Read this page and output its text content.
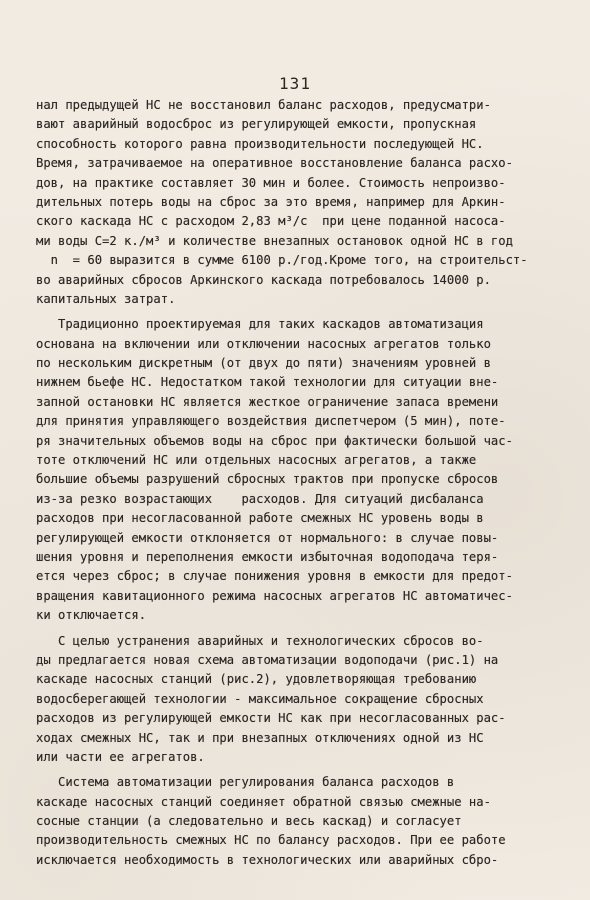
131
нал предыдущей НС не восстановил баланс расходов, предусматри-
вают аварийный водосброс из регулирующей емкости, пропускная
способность которого равна производительности последующей НС.
Время, затрачиваемое на оперативное восстановление баланса расхо-
дов, на практике составляет 30 мин и более. Стоимость непроизво-
дительных потерь воды на сброс за это время, например для Аркин-
ского каскада НС с расходом 2,83 м³/с  при цене поданной насоса-
ми воды С=2 к./м³ и количестве внезапных остановок одной НС в год
n  = 60 выразится в сумме 6100 р./год.Кроме того, на строительст-
во аварийных сбросов Аркинского каскада потребовалось 14000 р.
капитальных затрат.
Традиционно проектируемая для таких каскадов автоматизация
основана на включении или отключении насосных агрегатов только
по нескольким дискретным (от двух до пяти) значениям уровней в
нижнем бьефе НС. Недостатком такой технологии для ситуации вне-
запной остановки НС является жесткое ограничение запаса времени
для принятия управляющего воздействия диспетчером (5 мин), поте-
ря значительных объемов воды на сброс при фактически большой час-
тоте отключений НС или отдельных насосных агрегатов, а также
большие объемы разрушений сбросных трактов при пропуске сбросов
из-за резко возрастающих    расходов. Для ситуаций дисбаланса
расходов при несогласованной работе смежных НС уровень воды в
регулирующей емкости отклоняется от нормального: в случае повы-
шения уровня и переполнения емкости избыточная водоподача теря-
ется через сброс; в случае понижения уровня в емкости для предот-
вращения кавитационного режима насосных агрегатов НС автоматичес-
ки отключается.
С целью устранения аварийных и технологических сбросов во-
ды предлагается новая схема автоматизации водоподачи (рис.1) на
каскаде насосных станций (рис.2), удовлетворяющая требованию
водосберегающей технологии - максимальное сокращение сбросных
расходов из регулирующей емкости НС как при несогласованных рас-
ходах смежных НС, так и при внезапных отключениях одной из НС
или части ее агрегатов.
Система автоматизации регулирования баланса расходов в
каскаде насосных станций соединяет обратной связью смежные на-
сосные станции (а следовательно и весь каскад) и согласует
производительность смежных НС по балансу расходов. При ее работе
исключается необходимость в технологических или аварийных сбро-
